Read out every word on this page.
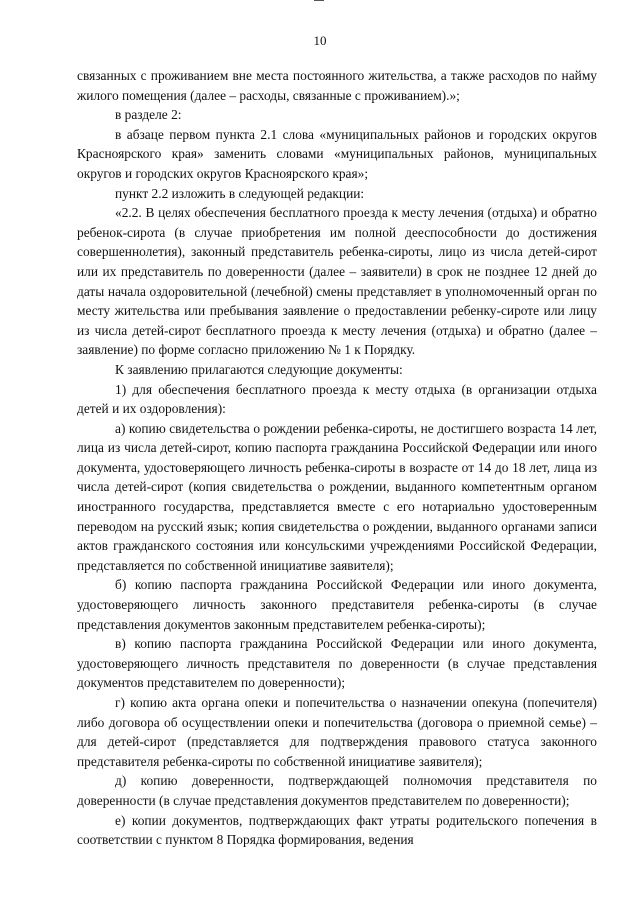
10

связанных с проживанием вне места постоянного жительства, а также расходов по найму жилого помещения (далее – расходы, связанные с проживанием).»;

в разделе 2:

в абзаце первом пункта 2.1 слова «муниципальных районов и городских округов Красноярского края» заменить словами «муниципальных районов, муниципальных округов и городских округов Красноярского края»;

пункт 2.2 изложить в следующей редакции:

«2.2. В целях обеспечения бесплатного проезда к месту лечения (отдыха) и обратно ребенок-сирота (в случае приобретения им полной дееспособности до достижения совершеннолетия), законный представитель ребенка-сироты, лицо из числа детей-сирот или их представитель по доверенности (далее – заявители) в срок не позднее 12 дней до даты начала оздоровительной (лечебной) смены представляет в уполномоченный орган по месту жительства или пребывания заявление о предоставлении ребенку-сироте или лицу из числа детей-сирот бесплатного проезда к месту лечения (отдыха) и обратно (далее – заявление) по форме согласно приложению № 1 к Порядку.

К заявлению прилагаются следующие документы:

1) для обеспечения бесплатного проезда к месту отдыха (в организации отдыха детей и их оздоровления):

а) копию свидетельства о рождении ребенка-сироты, не достигшего возраста 14 лет, лица из числа детей-сирот, копию паспорта гражданина Российской Федерации или иного документа, удостоверяющего личность ребенка-сироты в возрасте от 14 до 18 лет, лица из числа детей-сирот (копия свидетельства о рождении, выданного компетентным органом иностранного государства, представляется вместе с его нотариально удостоверенным переводом на русский язык; копия свидетельства о рождении, выданного органами записи актов гражданского состояния или консульскими учреждениями Российской Федерации, представляется по собственной инициативе заявителя);

б) копию паспорта гражданина Российской Федерации или иного документа, удостоверяющего личность законного представителя ребенка-сироты (в случае представления документов законным представителем ребенка-сироты);

в) копию паспорта гражданина Российской Федерации или иного документа, удостоверяющего личность представителя по доверенности (в случае представления документов представителем по доверенности);

г) копию акта органа опеки и попечительства о назначении опекуна (попечителя) либо договора об осуществлении опеки и попечительства (договора о приемной семье) – для детей-сирот (представляется для подтверждения правового статуса законного представителя ребенка-сироты по собственной инициативе заявителя);

д) копию доверенности, подтверждающей полномочия представителя по доверенности (в случае представления документов представителем по доверенности);

е) копии документов, подтверждающих факт утраты родительского попечения в соответствии с пунктом 8 Порядка формирования, ведения
